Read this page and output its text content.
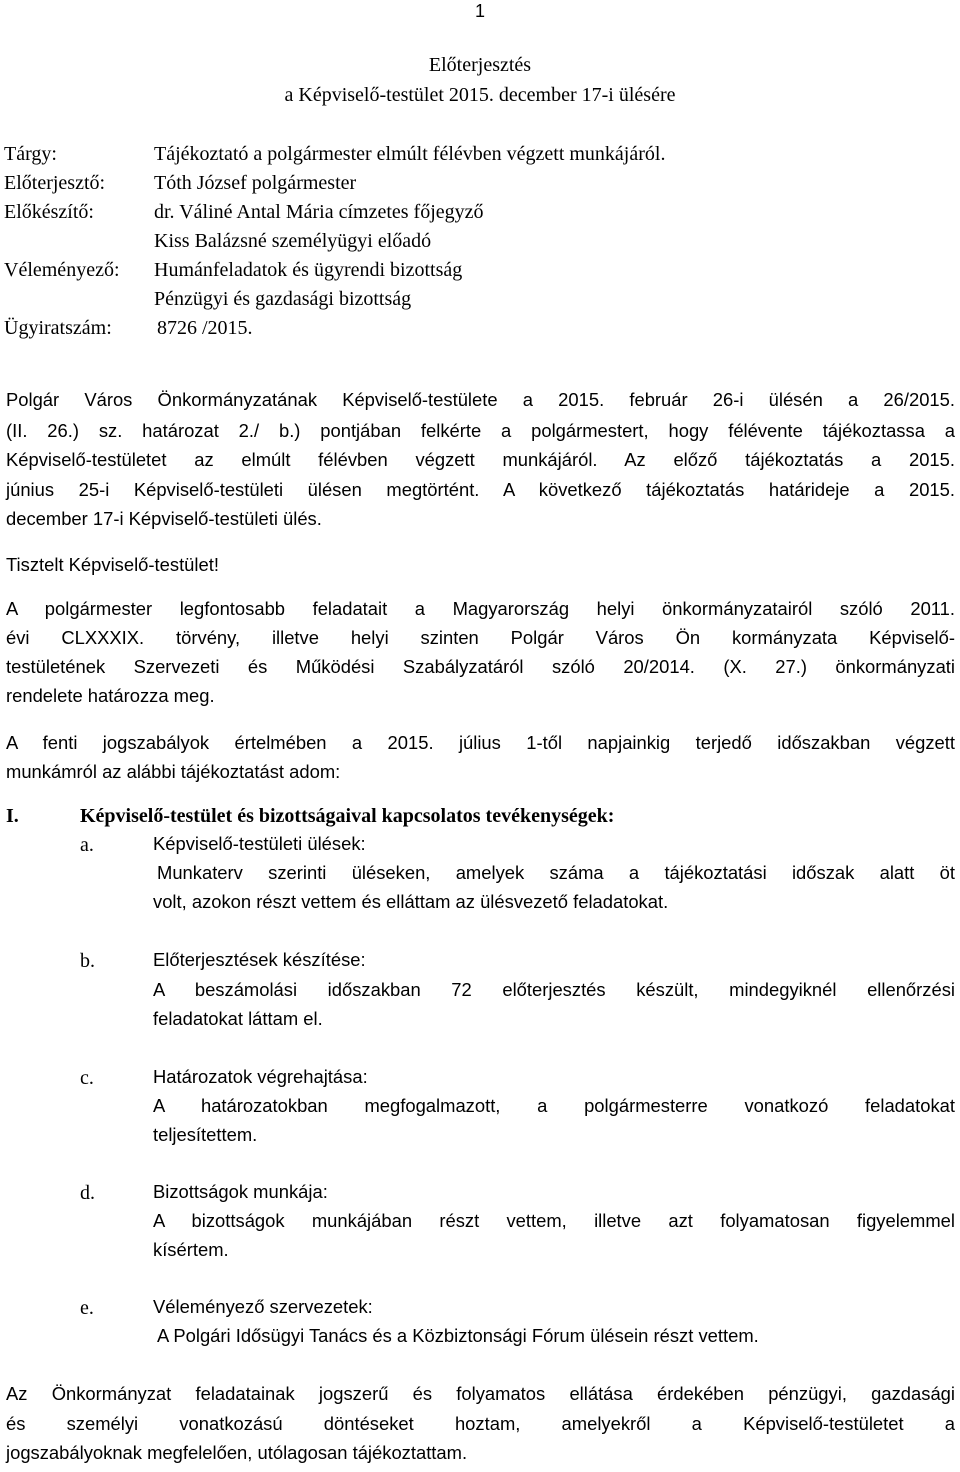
1
Előterjesztés
a Képviselő-testület 2015. december 17-i ülésére
Tárgy:	Tájékoztató a polgármester elmúlt félévben végzett munkájáról.
Előterjesztő: Tóth József polgármester
Előkészítő:	dr. Váliné Antal Mária címzetes főjegyző
Kiss Balázsné személyügyi előadó
Véleményező: Humánfeladatok és ügyrendi bizottság
Pénzügyi és gazdasági bizottság
Ügyiratszám: 8726 /2015.
Polgár Város Önkormányzatának Képviselő-testülete a 2015. február 26-i ülésén a 26/2015.
(II. 26.) sz. határozat 2./ b.) pontjában felkérte a polgármestert, hogy félévente tájékoztassa a
Képviselő-testületet az elmúlt félévben végzett munkájáról. Az előző tájékoztatás a 2015.
június 25-i Képviselő-testületi ülésen megtörtént. A következő tájékoztatás határideje a 2015.
december 17-i Képviselő-testületi ülés.
Tisztelt Képviselő-testület!
A polgármester legfontosabb feladatait a Magyarország helyi önkormányzatairól szóló 2011.
évi CLXXXIX. törvény, illetve helyi szinten Polgár Város Ön kormányzata Képviselő-
testületének Szervezeti és Működési Szabályzatáról szóló 20/2014. (X. 27.) önkormányzati
rendelete határozza meg.
A fenti jogszabályok értelmében a 2015. július 1-től napjainkig terjedő időszakban végzett
munkámról az alábbi tájékoztatást adom:
I.	Képviselő-testület és bizottságaival kapcsolatos tevékenységek:
a.	Képviselő-testületi ülések:
Munkaterv szerinti üléseken, amelyek száma a tájékoztatási időszak alatt öt
volt, azokon részt vettem és elláttam az ülésvezető feladatokat.
b.	Előterjesztések készítése:
A beszámolási időszakban 72 előterjesztés készült, mindegyiknél ellenőrzési
feladatokat láttam el.
c.	Határozatok végrehajtása:
A határozatokban megfogalmazott, a polgármesterre vonatkozó feladatokat
teljesítettem.
d.	Bizottságok munkája:
A bizottságok munkájában részt vettem, illetve azt folyamatosan figyelemmel
kísértem.
e.	Véleményező szervezetek:
A Polgári Idősügyi Tanács és a Közbiztonsági Fórum ülésein részt vettem.
Az Önkormányzat feladatainak jogszerű és folyamatos ellátása érdekében pénzügyi, gazdasági
és személyi vonatkozású döntéseket hoztam, amelyekről a Képviselő-testületet a
jogszabályoknak megfelelően, utólagosan tájékoztattam.
